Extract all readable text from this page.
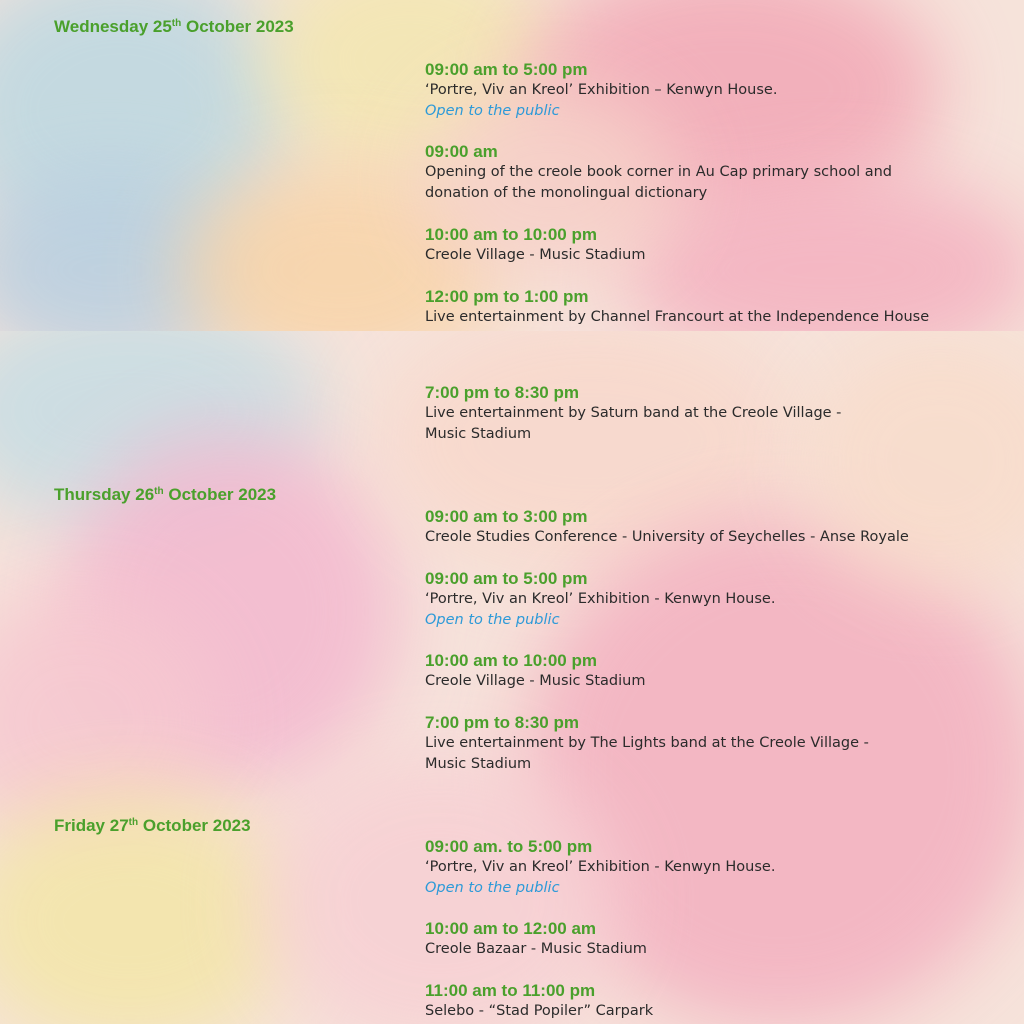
Wednesday 25th October 2023
09:00 am to 5:00 pm
‘Portre, Viv an Kreol’ Exhibition – Kenwyn House.
Open to the public
09:00 am
Opening of the creole book corner in Au Cap primary school and
donation of the monolingual dictionary
10:00 am to 10:00 pm
Creole Village - Music Stadium
12:00 pm to 1:00 pm
Live entertainment by Channel Francourt at the Independence House
7:00 pm to 8:30 pm
Live entertainment by Saturn band at the Creole Village -
Music Stadium
Thursday 26th October 2023
09:00 am to 3:00 pm
Creole Studies Conference - University of Seychelles - Anse Royale
09:00 am to 5:00 pm
‘Portre, Viv an Kreol’ Exhibition - Kenwyn House.
Open to the public
10:00 am to 10:00 pm
Creole Village - Music Stadium
7:00 pm to 8:30 pm
Live entertainment by The Lights band at the Creole Village -
Music Stadium
Friday 27th October 2023
09:00 am. to 5:00 pm
‘Portre, Viv an Kreol’ Exhibition - Kenwyn House.
Open to the public
10:00 am to 12:00 am
Creole Bazaar - Music Stadium
11:00 am to 11:00 pm
Selebo - “Stad Popiler” Carpark
